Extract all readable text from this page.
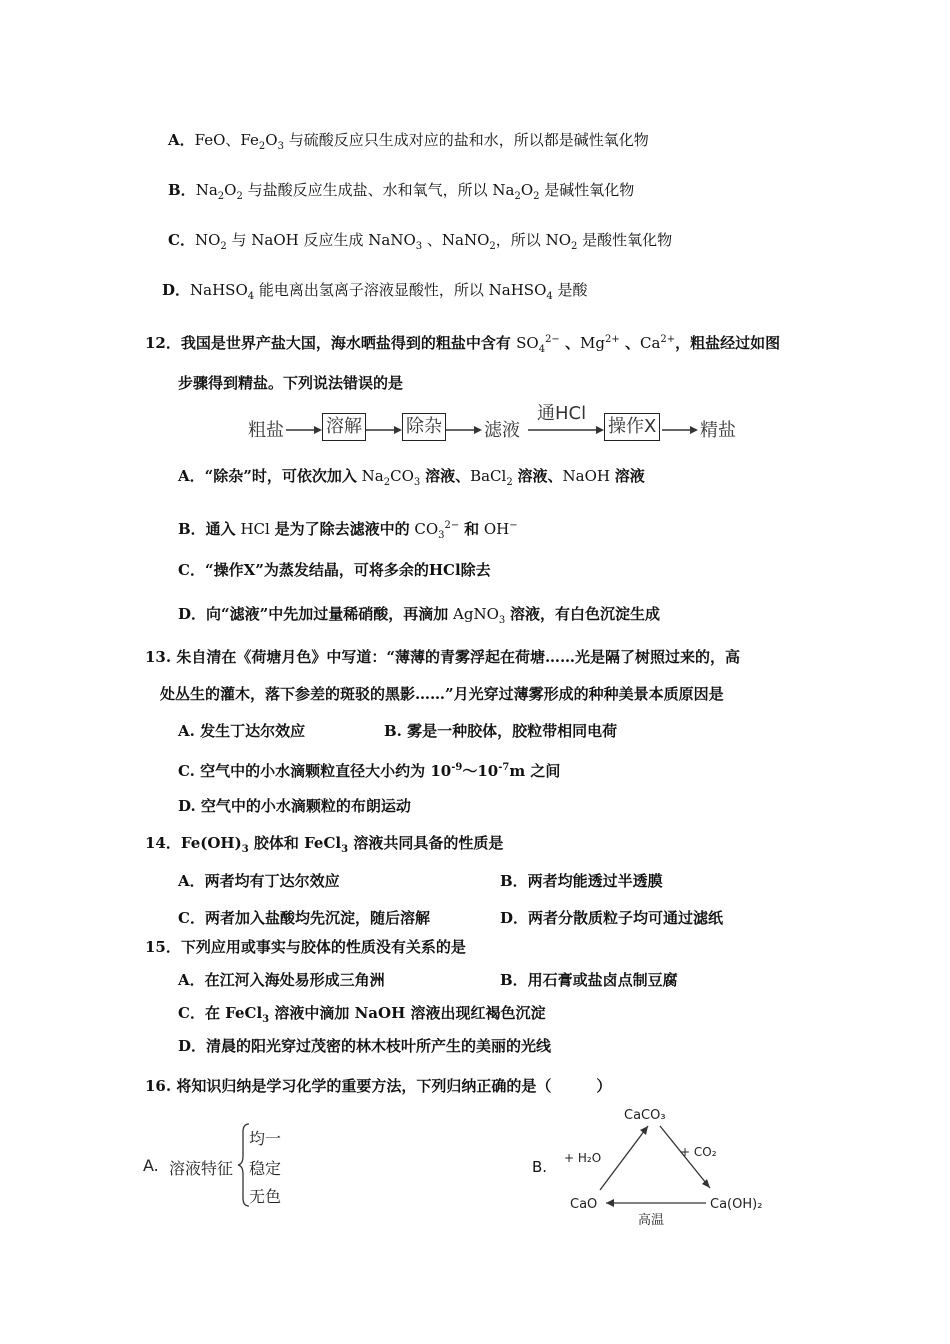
A．FeO、$Fe_2O_3$ 与硫酸反应只生成对应的盐和水，所以都是碱性氧化物
B．$Na_2O_2$ 与盐酸反应生成盐、水和氧气，所以 $Na_2O_2$ 是碱性氧化物
C．$NO_2$ 与 NaOH 反应生成 NaNO$_3$ 、NaNO$_2$，所以 $NO_2$ 是酸性氧化物
D．NaHSO$_4$ 能电离出氢离子溶液显酸性，所以 NaHSO$_4$ 是酸
12．我国是世界产盐大国，海水晒盐得到的粗盐中含有 $SO_4^{2-}$ 、$Mg^{2+}$ 、$Ca^{2+}$，粗盐经过如图
步骤得到精盐。下列说法错误的是
粗盐 溶解 除杂 滤液
通HCl
操作X 精盐
A．“除杂”时，可依次加入 $Na_2CO_3$ 溶液、BaCl$_2$ 溶液、NaOH 溶液
B．通入 HCl 是为了除去滤液中的 $CO_3^{2-}$ 和 OH−
C．“操作X”为蒸发结晶，可将多余的HCl除去
D．向“滤液”中先加过量稀硝酸，再滴加 AgNO$_3$ 溶液，有白色沉淀生成
13. 朱自清在《荷塘月色》中写道：“薄薄的青雾浮起在荷塘……光是隔了树照过来的，高
处丛生的灌木，落下参差的斑驳的黑影……”月光穿过薄雾形成的种种美景本质原因是
A. 发生丁达尔效应	B. 雾是一种胶体，胶粒带相同电荷
C. 空气中的小水滴颗粒直径大小约为 $10^{-9}\sim 10^{-7}m$ 之间
D. 空气中的小水滴颗粒的布朗运动
14．$Fe(OH)_3$ 胶体和 FeCl$_3$ 溶液共同具备的性质是
A．两者均有丁达尔效应	B．两者均能透过半透膜
C．两者加入盐酸均先沉淀，随后溶解	D．两者分散质粒子均可通过滤纸
15．下列应用或事实与胶体的性质没有关系的是
A．在江河入海处易形成三角洲	B．用石膏或盐卤点制豆腐
C．在 FeCl$_3$ 溶液中滴加 NaOH 溶液出现红褐色沉淀
D．清晨的阳光穿过茂密的林木枝叶所产生的美丽的光线
16. 将知识归纳是学习化学的重要方法，下列归纳正确的是（　　　）
A. 溶液特征
均一
稳定
无色
B.
CaCO₃
CaO	Ca(OH)₂
+ H₂O	+ CO₂
高温
